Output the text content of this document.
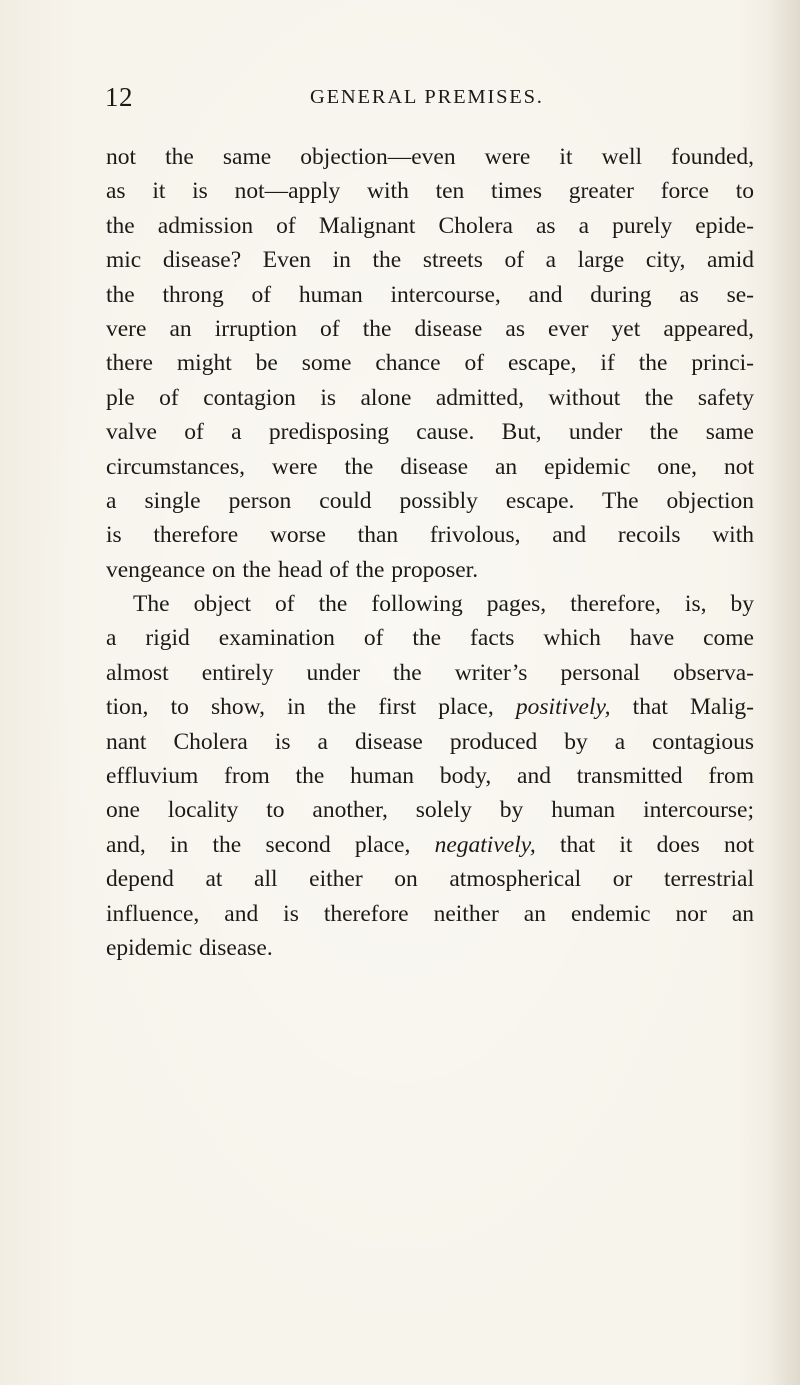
12	GENERAL PREMISES.
not the same objection—even were it well founded,
as it is not—apply with ten times greater force to
the admission of Malignant Cholera as a purely epide-
mic disease? Even in the streets of a large city, amid
the throng of human intercourse, and during as se-
vere an irruption of the disease as ever yet appeared,
there might be some chance of escape, if the princi-
ple of contagion is alone admitted, without the safety
valve of a predisposing cause. But, under the same
circumstances, were the disease an epidemic one, not
a single person could possibly escape. The objection
is therefore worse than frivolous, and recoils with
vengeance on the head of the proposer.
The object of the following pages, therefore, is, by
a rigid examination of the facts which have come
almost entirely under the writer’s personal observa-
tion, to show, in the first place, positively, that Malig-
nant Cholera is a disease produced by a contagious
effluvium from the human body, and transmitted from
one locality to another, solely by human intercourse;
and, in the second place, negatively, that it does not
depend at all either on atmospherical or terrestrial
influence, and is therefore neither an endemic nor an
epidemic disease.
